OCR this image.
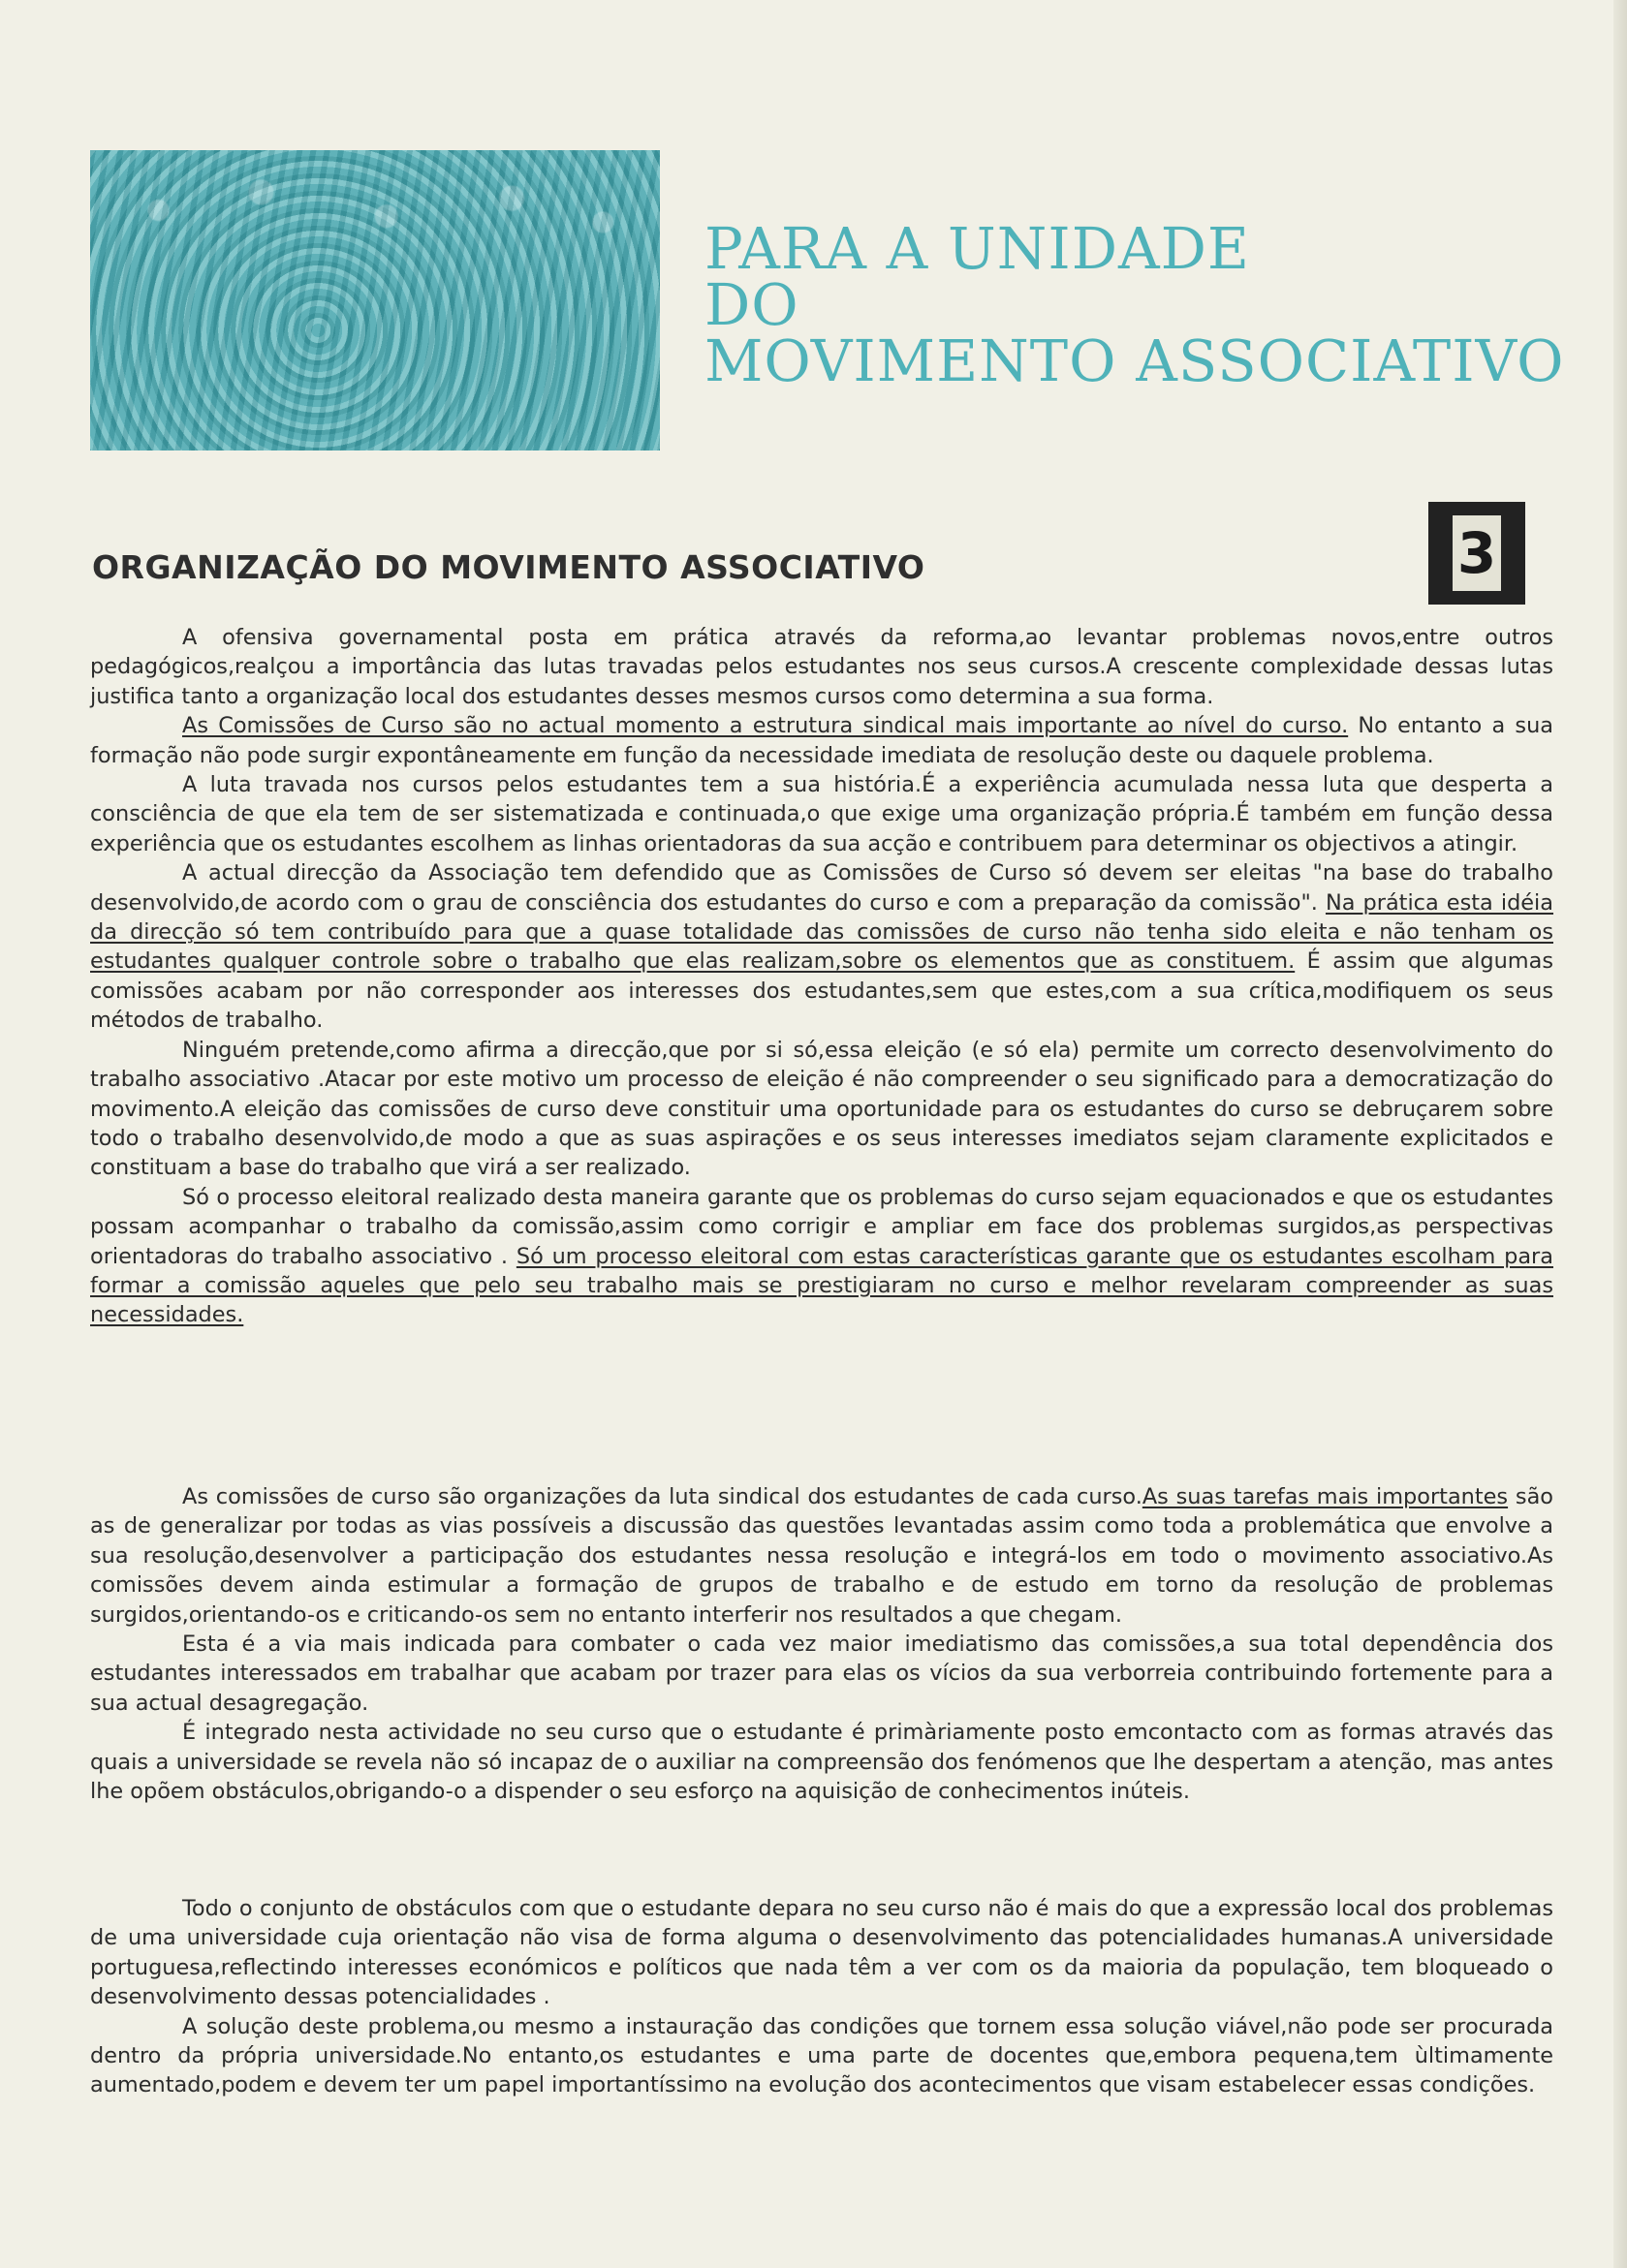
PARA A UNIDADE
DO
MOVIMENTO ASSOCIATIVO
ORGANIZAÇÃO DO MOVIMENTO ASSOCIATIVO	3

A ofensiva governamental posta em prática através da reforma,ao levantar problemas novos,entre outros pedagógicos,realçou a importância das lutas travadas pelos estudantes nos seus cursos.A crescente complexidade dessas lutas justifica tanto a organização local dos estudantes desses mesmos cursos como determina a sua forma.

As Comissões de Curso são no actual momento a estrutura sindical mais importante ao nível do curso. No entanto a sua formação não pode surgir expontâneamente em função da necessidade imediata de resolução deste ou daquele problema.

A luta travada nos cursos pelos estudantes tem a sua história.É a experiência acumulada nessa luta que desperta a consciência de que ela tem de ser sistematizada e continuada,o que exige uma organização própria.É também em função dessa experiência que os estudantes escolhem as linhas orientadoras da sua acção e contribuem para determinar os objectivos a atingir.

A actual direcção da Associação tem defendido que as Comissões de Curso só devem ser eleitas "na base do trabalho desenvolvido,de acordo com o grau de consciência dos estudantes do curso e com a preparação da comissão". Na prática esta idéia da direcção só tem contribuído para que a quase totalidade das comissões de curso não tenha sido eleita e não tenham os estudantes qualquer controle sobre o trabalho que elas realizam,sobre os elementos que as constituem. É assim que algumas comissões acabam por não corresponder aos interesses dos estudantes,sem que estes,com a sua crítica,modifiquem os seus métodos de trabalho.

Ninguém pretende,como afirma a direcção,que por si só,essa eleição (e só ela) permite um correcto desenvolvimento do trabalho associativo .Atacar por este motivo um processo de eleição é não compreender o seu significado para a democratização do movimento.A eleição das comissões de curso deve constituir uma oportunidade para os estudantes do curso se debruçarem sobre todo o trabalho desenvolvido,de modo a que as suas aspirações e os seus interesses imediatos sejam claramente explicitados e constituam a base do trabalho que virá a ser realizado.

Só o processo eleitoral realizado desta maneira garante que os problemas do curso sejam equacionados e que os estudantes possam acompanhar o trabalho da comissão,assim como corrigir e ampliar em face dos problemas surgidos,as perspectivas orientadoras do trabalho associativo . Só um processo eleitoral com estas características garante que os estudantes escolham para formar a comissão aqueles que pelo seu trabalho mais se prestigiaram no curso e melhor revelaram compreender as suas necessidades.

As comissões de curso são organizações da luta sindical dos estudantes de cada curso.As suas tarefas mais importantes são as de generalizar por todas as vias possíveis a discussão das questões levantadas assim como toda a problemática que envolve a sua resolução,desenvolver a participação dos estudantes nessa resolução e integrá-los em todo o movimento associativo.As comissões devem ainda estimular a formação de grupos de trabalho e de estudo em torno da resolução de problemas surgidos,orientando-os e criticando-os sem no entanto interferir nos resultados a que chegam.

Esta é a via mais indicada para combater o cada vez maior imediatismo das comissões,a sua total dependência dos estudantes interessados em trabalhar que acabam por trazer para elas os vícios da sua verborreia contribuindo fortemente para a sua actual desagregação.

É integrado nesta actividade no seu curso que o estudante é primàriamente posto emcontacto com as formas através das quais a universidade se revela não só incapaz de o auxiliar na compreensão dos fenómenos que lhe despertam a atenção, mas antes lhe opõem obstáculos,obrigando-o a dispender o seu esforço na aquisição de conhecimentos inúteis.

Todo o conjunto de obstáculos com que o estudante depara no seu curso não é mais do que a expressão local dos problemas de uma universidade cuja orientação não visa de forma alguma o desenvolvimento das potencialidades humanas.A universidade portuguesa,reflectindo interesses económicos e políticos que nada têm a ver com os da maioria da população, tem bloqueado o desenvolvimento dessas potencialidades .

A solução deste problema,ou mesmo a instauração das condições que tornem essa solução viável,não pode ser procurada dentro da própria universidade.No entanto,os estudantes e uma parte de docentes que,embora pequena,tem ùltimamente aumentado,podem e devem ter um papel importantíssimo na evolução dos acontecimentos que visam estabelecer essas condições.
